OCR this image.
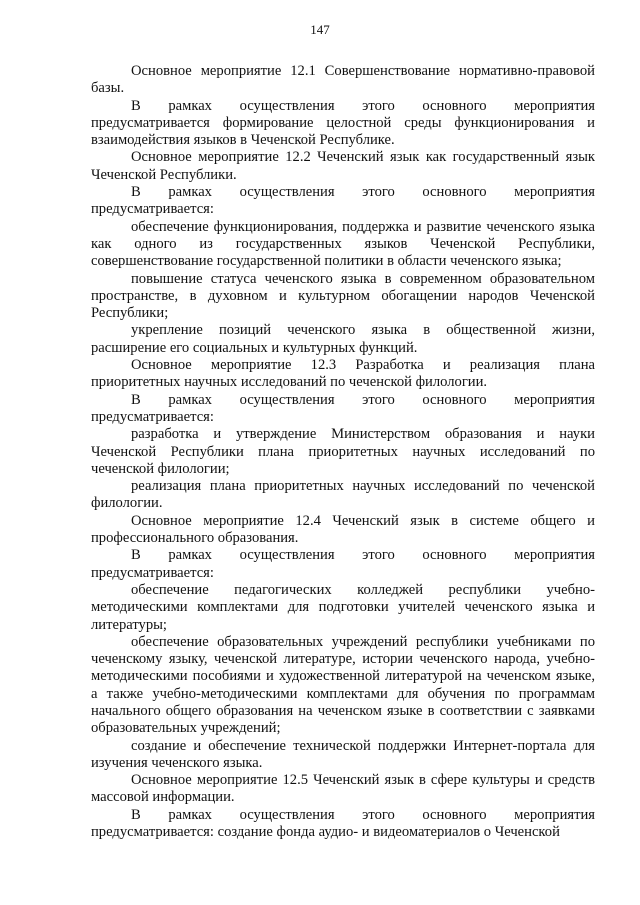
147

Основное мероприятие 12.1 Совершенствование нормативно-правовой базы.

В рамках осуществления этого основного мероприятия предусматривается формирование целостной среды функционирования и взаимодействия языков в Чеченской Республике.

Основное мероприятие 12.2 Чеченский язык как государственный язык Чеченской Республики.

В рамках осуществления этого основного мероприятия предусматривается:

обеспечение функционирования, поддержка и развитие чеченского языка как одного из государственных языков Чеченской Республики, совершенствование государственной политики в области чеченского языка;

повышение статуса чеченского языка в современном образовательном пространстве, в духовном и культурном обогащении народов Чеченской Республики;

укрепление позиций чеченского языка в общественной жизни, расширение его социальных и культурных функций.

Основное мероприятие 12.3 Разработка и реализация плана приоритетных научных исследований по чеченской филологии.

В рамках осуществления этого основного мероприятия предусматривается:

разработка и утверждение Министерством образования и науки Чеченской Республики плана приоритетных научных исследований по чеченской филологии;

реализация плана приоритетных научных исследований по чеченской филологии.

Основное мероприятие 12.4 Чеченский язык в системе общего и профессионального образования.

В рамках осуществления этого основного мероприятия предусматривается:

обеспечение педагогических колледжей республики учебно-методическими комплектами для подготовки учителей чеченского языка и литературы;

обеспечение образовательных учреждений республики учебниками по чеченскому языку, чеченской литературе, истории чеченского народа, учебно-методическими пособиями и художественной литературой на чеченском языке, а также учебно-методическими комплектами для обучения по программам начального общего образования на чеченском языке в соответствии с заявками образовательных учреждений;

создание и обеспечение технической поддержки Интернет-портала для изучения чеченского языка.

Основное мероприятие 12.5 Чеченский язык в сфере культуры и средств массовой информации.

В рамках осуществления этого основного мероприятия предусматривается: создание фонда аудио- и видеоматериалов о Чеченской
